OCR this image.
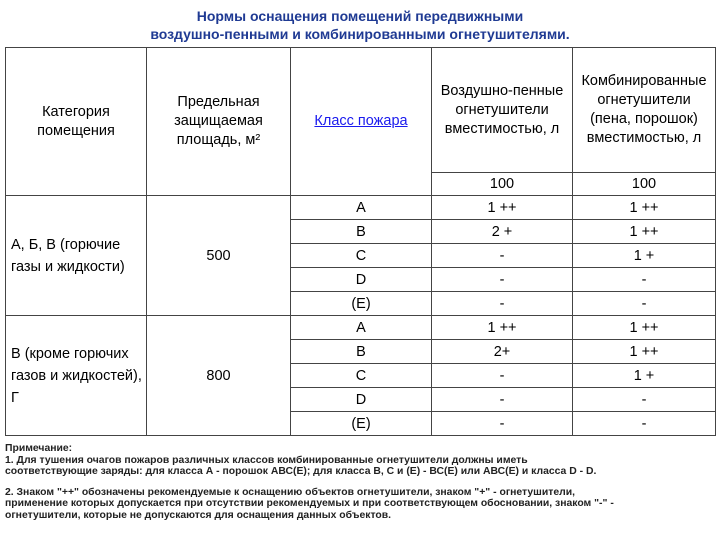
Нормы оснащения помещений передвижными
воздушно-пенными и комбинированными огнетушителями.
Категория помещения	Предельная защищаемая площадь, м²	Класс пожара	Воздушно-пенные огнетушители вместимостью, л	Комбинированные огнетушители (пена, порошок) вместимостью, л
			100	100
А, Б, В (горючие газы и жидкости)	500	A	1 ++	1 ++
		B	2 +	1 ++
		C	-	1 +
		D	-	-
		(E)	-	-
В (кроме горючих газов и жидкостей), Г	800	A	1 ++	1 ++
		B	2+	1 ++
		C	-	1 +
		D	-	-
		(E)	-	-

Примечание:

1. Для тушения очагов пожаров различных классов комбинированные огнетушители должны иметь

соответствующие заряды: для класса А - порошок АВС(Е); для класса В, С и (Е) - ВС(Е) или АВС(Е) и класса D - D.

2. Знаком "++" обозначены рекомендуемые к оснащению объектов огнетушители, знаком "+" - огнетушители,

применение которых допускается при отсутствии рекомендуемых и при соответствующем обосновании, знаком "-" -

огнетушители, которые не допускаются для оснащения данных объектов.
